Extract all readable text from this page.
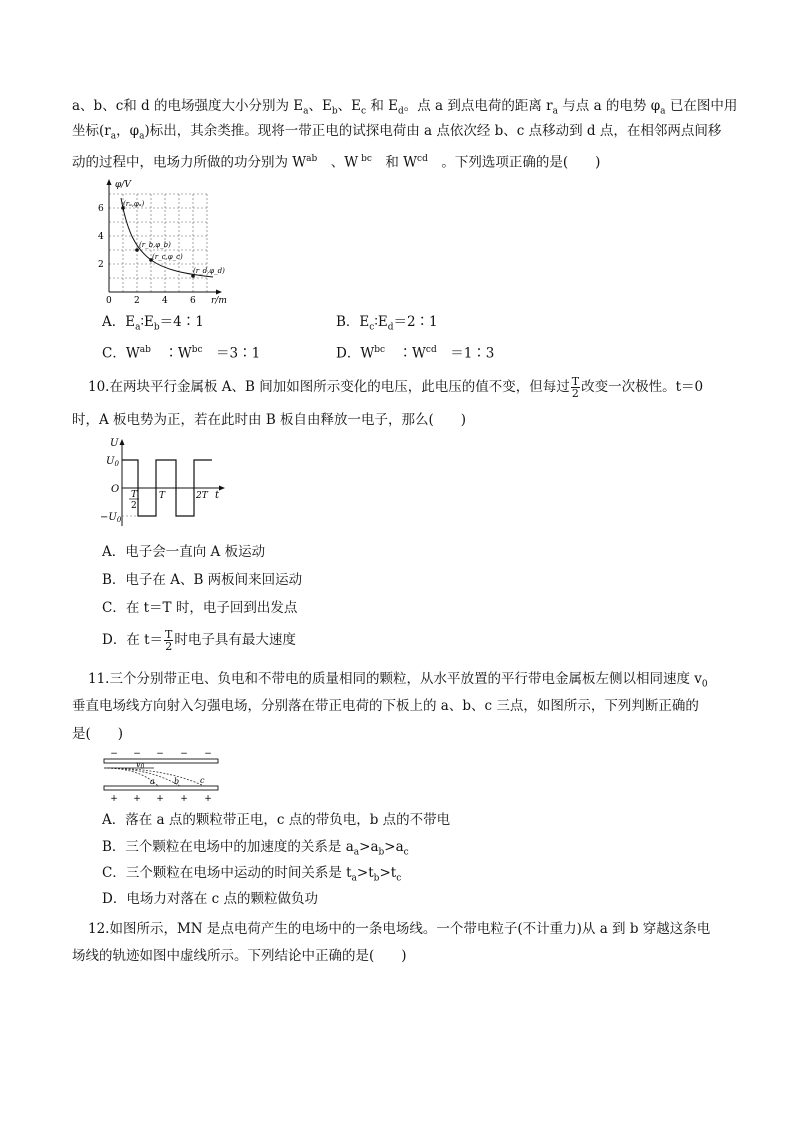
a、b、c和 d 的电场强度大小分别为 $E_a$、$E_b$、$E_c$ 和 $E_d$。点 a 到点电荷的距离 $r_a$ 与点 a 的电势 $\varphi_a$ 已在图中用
坐标($r_a$，$\varphi_a$)标出，其余类推。现将一带正电的试探电荷由 a 点依次经 b、c 点移动到 d 点，在相邻两点间移
动的过程中，电场力所做的功分别为 $W^{ab}$　、W $^{bc}$　和 $W^{cd}$　。下列选项正确的是(　　)
φ/V
6
4
2
0 2 4 6 r/m
(rₐ,φₐ)
(r_b,φ_b)
(r_c,φ_c)
(r_d,φ_d)
A．$E_a∶E_b=4∶1$	B．$E_c∶E_d=2∶1$
C．$W^{ab}$　$∶W^{bc}$　＝3∶1	D．$W^{bc}$　$∶W^{cd}$　＝1∶3
10.在两块平行金属板 A、B 间加如图所示变化的电压，此电压的值不变，但每过 $\frac{T}{2}$ 改变一次极性。t＝0
时，A 板电势为正，若在此时由 B 板自由释放一电子，那么(　　)
U
$U_0$
$-U_0$
O T
2
T	2T t
A．电子会一直向 A 板运动
B．电子在 A、B 两板间来回运动
C．在 t＝T 时，电子回到出发点
D．在 $t= \frac{T}{2}$ 时电子具有最大速度
11.三个分别带正电、负电和不带电的质量相同的颗粒，从水平放置的平行带电金属板左侧以相同速度 $v_0$
垂直电场线方向射入匀强电场，分别落在带正电荷的下板上的 a、b、c 三点，如图所示，下列判断正确的
是(　　)
− − − − −
+ + + + +
v0
a b	c
A．落在 a 点的颗粒带正电，c 点的带负电，b 点的不带电
B．三个颗粒在电场中的加速度的关系是 $a_a>a_b>a_c$
C．三个颗粒在电场中运动的时间关系是 $t_a>t_b>t_c$
D．电场力对落在 c 点的颗粒做负功
12.如图所示，MN 是点电荷产生的电场中的一条电场线。一个带电粒子(不计重力)从 a 到 b 穿越这条电
场线的轨迹如图中虚线所示。下列结论中正确的是(　　)
